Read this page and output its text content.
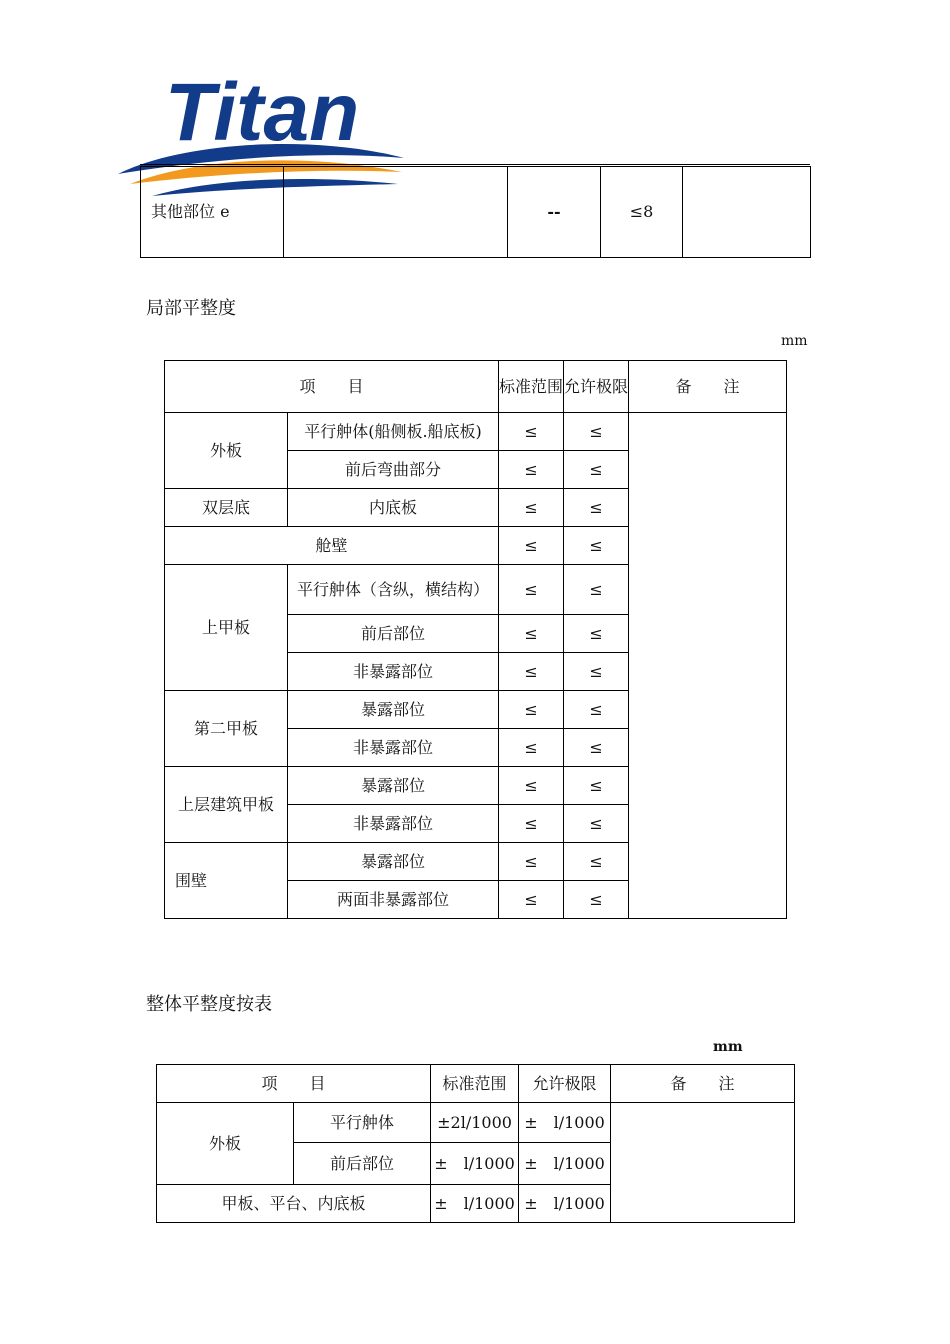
Titan
其他部位 e		--	≤8	
局部平整度
mm
项　　目		标准范围	允许极限	备　　注
外板	平行舯体(船侧板.船底板)	≤	≤	
	前后弯曲部分	≤	≤	
双层底	内底板	≤	≤	
舱壁		≤	≤	
上甲板	平行舯体（含纵，横结构）	≤	≤	
	前后部位	≤	≤	
	非暴露部位	≤	≤	
第二甲板	暴露部位	≤	≤	
	非暴露部位	≤	≤	
上层建筑甲板	暴露部位	≤	≤	
	非暴露部位	≤	≤	
围壁	暴露部位	≤	≤	
	两面非暴露部位	≤	≤	
整体平整度按表
mm
项　　目		标准范围	允许极限	备　　注
外板	平行舯体	±2l/1000	±　l/1000	
	前后部位	±　l/1000	±　l/1000	
甲板、平台、内底板		±　l/1000	±　l/1000	
